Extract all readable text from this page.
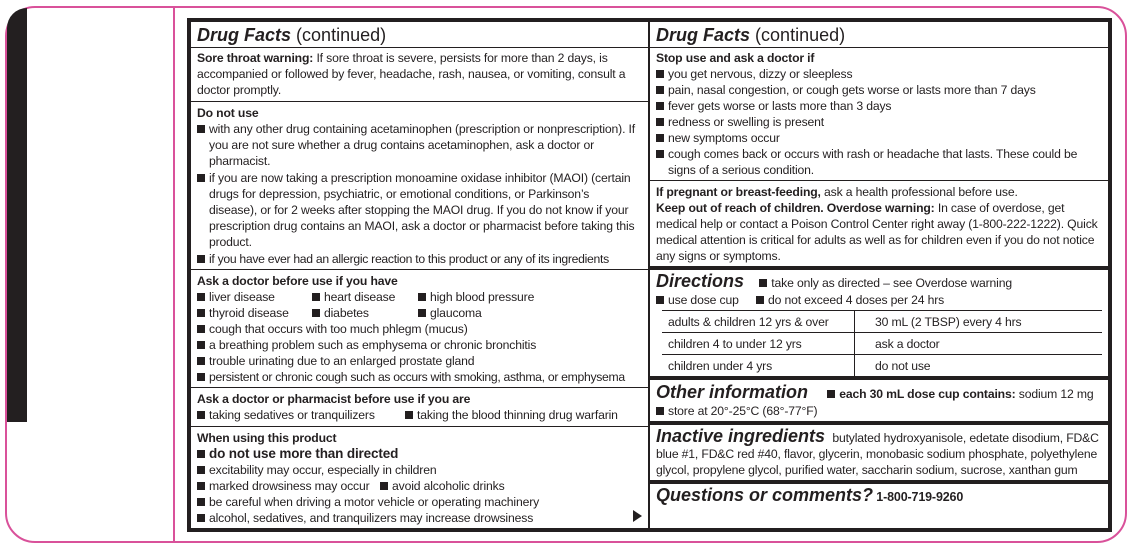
Drug Facts (continued)
Sore throat warning: If sore throat is severe, persists for more than 2 days, is accompanied or followed by fever, headache, rash, nausea, or vomiting, consult a doctor promptly.
Do not use
with any other drug containing acetaminophen (prescription or nonprescription). If you are not sure whether a drug contains acetaminophen, ask a doctor or pharmacist.
if you are now taking a prescription monoamine oxidase inhibitor (MAOI) (certain drugs for depression, psychiatric, or emotional conditions, or Parkinson’s disease), or for 2 weeks after stopping the MAOI drug. If you do not know if your prescription drug contains an MAOI, ask a doctor or pharmacist before taking this product.
if you have ever had an allergic reaction to this product or any of its ingredients
Ask a doctor before use if you have
liver disease	heart disease	high blood pressure
thyroid disease	diabetes	glaucoma
cough that occurs with too much phlegm (mucus)
a breathing problem such as emphysema or chronic bronchitis
trouble urinating due to an enlarged prostate gland
persistent or chronic cough such as occurs with smoking, asthma, or emphysema
Ask a doctor or pharmacist before use if you are
taking sedatives or tranquilizers	taking the blood thinning drug warfarin
When using this product
do not use more than directed
excitability may occur, especially in children
marked drowsiness may occur	avoid alcoholic drinks
be careful when driving a motor vehicle or operating machinery
alcohol, sedatives, and tranquilizers may increase drowsiness
Drug Facts (continued)
Stop use and ask a doctor if
you get nervous, dizzy or sleepless
pain, nasal congestion, or cough gets worse or lasts more than 7 days
fever gets worse or lasts more than 3 days
redness or swelling is present
new symptoms occur
cough comes back or occurs with rash or headache that lasts. These could be signs of a serious condition.
If pregnant or breast-feeding, ask a health professional before use.
Keep out of reach of children. Overdose warning: In case of overdose, get medical help or contact a Poison Control Center right away (1-800-222-1222). Quick medical attention is critical for adults as well as for children even if you do not notice any signs or symptoms.
Directions take only as directed – see Overdose warning
use dose cup do not exceed 4 doses per 24 hrs
adults & children 12 yrs & over	30 mL (2 TBSP) every 4 hrs
children 4 to under 12 yrs	ask a doctor
children under 4 yrs	do not use
Other information	each 30 mL dose cup contains: sodium 12 mg
store at 20°-25°C (68°-77°F)
Inactive ingredients butylated hydroxyanisole, edetate disodium, FD&C blue #1, FD&C red #40, flavor, glycerin, monobasic sodium phosphate, polyethylene glycol, propylene glycol, purified water, saccharin sodium, sucrose, xanthan gum
Questions or comments? 1-800-719-9260
